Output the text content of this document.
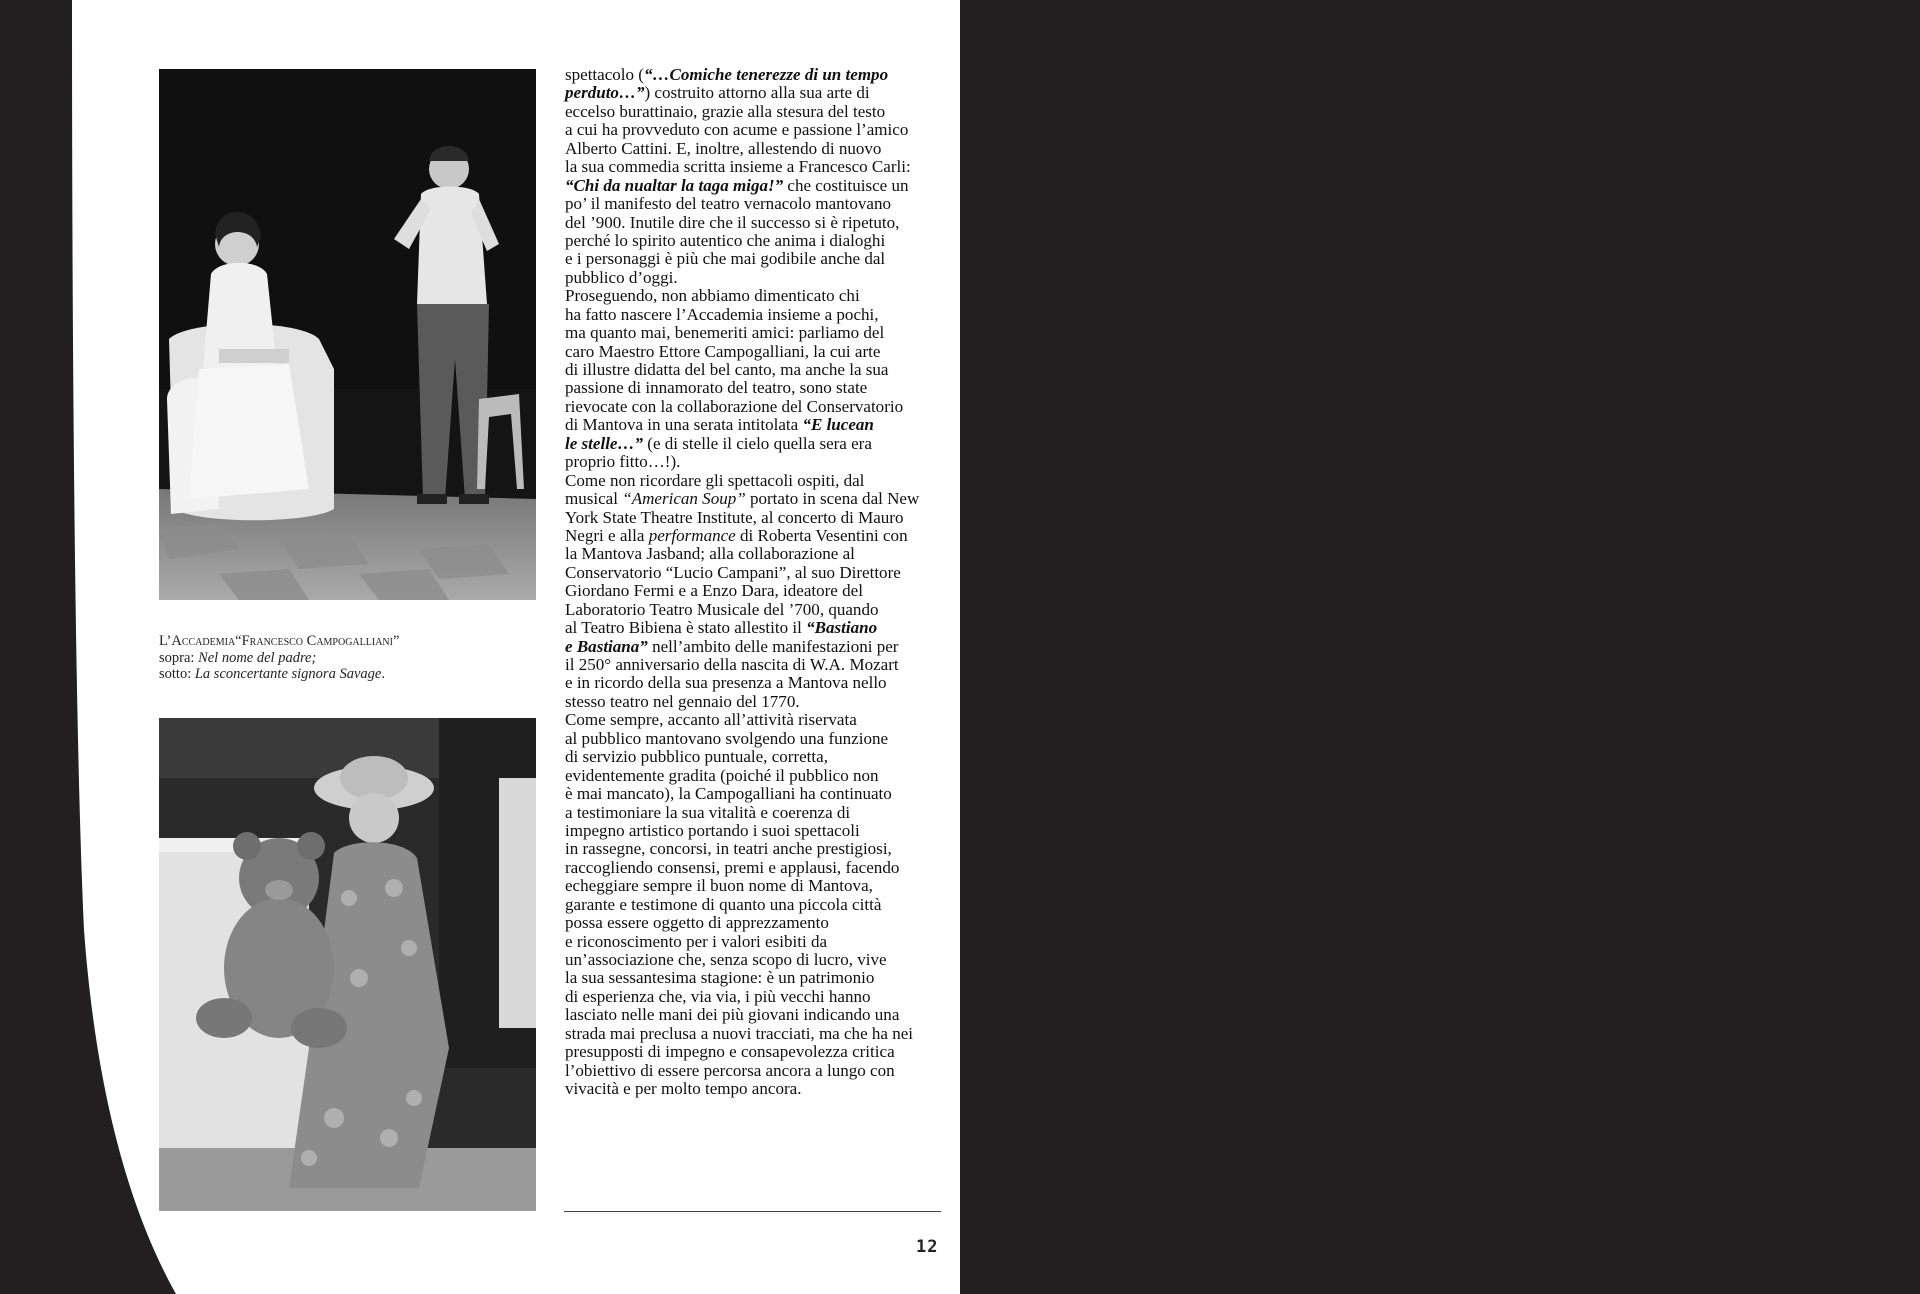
L’Accademia“Francesco Campogalliani”
sopra: Nel nome del padre;
sotto: La sconcertante signora Savage.
spettacolo (“…Comiche tenerezze di un tempo
perduto…”) costruito attorno alla sua arte di
eccelso burattinaio, grazie alla stesura del testo
a cui ha provveduto con acume e passione l’amico
Alberto Cattini. E, inoltre, allestendo di nuovo
la sua commedia scritta insieme a Francesco Carli:
“Chi da nualtar la taga miga!” che costituisce un
po’ il manifesto del teatro vernacolo mantovano
del ’900. Inutile dire che il successo si è ripetuto,
perché lo spirito autentico che anima i dialoghi
e i personaggi è più che mai godibile anche dal
pubblico d’oggi.
Proseguendo, non abbiamo dimenticato chi
ha fatto nascere l’Accademia insieme a pochi,
ma quanto mai, benemeriti amici: parliamo del
caro Maestro Ettore Campogalliani, la cui arte
di illustre didatta del bel canto, ma anche la sua
passione di innamorato del teatro, sono state
rievocate con la collaborazione del Conservatorio
di Mantova in una serata intitolata “E lucean
le stelle…” (e di stelle il cielo quella sera era
proprio fitto…!).
Come non ricordare gli spettacoli ospiti, dal
musical “American Soup” portato in scena dal New
York State Theatre Institute, al concerto di Mauro
Negri e alla performance di Roberta Vesentini con
la Mantova Jasband; alla collaborazione al
Conservatorio “Lucio Campani”, al suo Direttore
Giordano Fermi e a Enzo Dara, ideatore del
Laboratorio Teatro Musicale del ’700, quando
al Teatro Bibiena è stato allestito il “Bastiano
e Bastiana” nell’ambito delle manifestazioni per
il 250° anniversario della nascita di W.A. Mozart
e in ricordo della sua presenza a Mantova nello
stesso teatro nel gennaio del 1770.
Come sempre, accanto all’attività riservata
al pubblico mantovano svolgendo una funzione
di servizio pubblico puntuale, corretta,
evidentemente gradita (poiché il pubblico non
è mai mancato), la Campogalliani ha continuato
a testimoniare la sua vitalità e coerenza di
impegno artistico portando i suoi spettacoli
in rassegne, concorsi, in teatri anche prestigiosi,
raccogliendo consensi, premi e applausi, facendo
echeggiare sempre il buon nome di Mantova,
garante e testimone di quanto una piccola città
possa essere oggetto di apprezzamento
e riconoscimento per i valori esibiti da
un’associazione che, senza scopo di lucro, vive
la sua sessantesima stagione: è un patrimonio
di esperienza che, via via, i più vecchi hanno
lasciato nelle mani dei più giovani indicando una
strada mai preclusa a nuovi tracciati, ma che ha nei
presupposti di impegno e consapevolezza critica
l’obiettivo di essere percorsa ancora a lungo con
vivacità e per molto tempo ancora.
12
